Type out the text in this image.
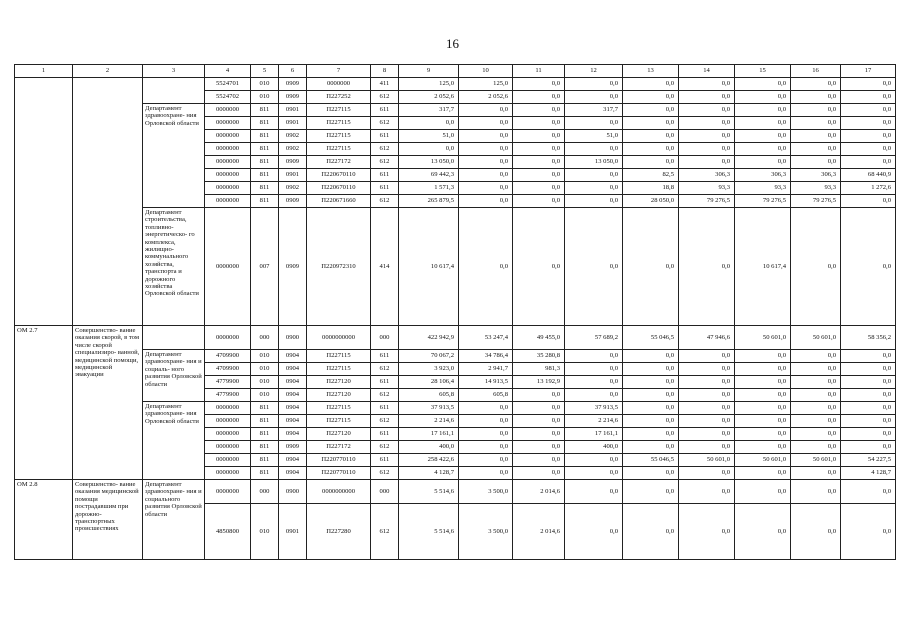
16
1	2	3	4	5	6	7	8	9	10	11	12	13	14	15	16	17
			5524701	010	0909	0000000	411	125,0	125,0	0,0	0,0	0,0	0,0	0,0	0,0	0,0
			5524702	010	0909	П227252	612	2 052,6	2 052,6	0,0	0,0	0,0	0,0	0,0	0,0	0,0
		Департамент здравоохране- ния Орловской области	0000000	811	0901	П227115	611	317,7	0,0	0,0	317,7	0,0	0,0	0,0	0,0	0,0
			0000000	811	0901	П227115	612	0,0	0,0	0,0	0,0	0,0	0,0	0,0	0,0	0,0
			0000000	811	0902	П227115	611	51,0	0,0	0,0	51,0	0,0	0,0	0,0	0,0	0,0
			0000000	811	0902	П227115	612	0,0	0,0	0,0	0,0	0,0	0,0	0,0	0,0	0,0
			0000000	811	0909	П227172	612	13 050,0	0,0	0,0	13 050,0	0,0	0,0	0,0	0,0	0,0
			0000000	811	0901	П220670110	611	69 442,3	0,0	0,0	0,0	82,5	306,3	306,3	306,3	68 440,9
			0000000	811	0902	П220670110	611	1 571,3	0,0	0,0	0,0	18,8	93,3	93,3	93,3	1 272,6
			0000000	811	0909	П220671660	612	265 879,5	0,0	0,0	0,0	28 050,0	79 276,5	79 276,5	79 276,5	0,0
		Департамент строительства, топливно- энергетическо- го комплекса, жилищно- коммунального хозяйства, транспорта и дорожного хозяйства Орловской области	0000000	007	0909	П220972310	414	10 617,4	0,0	0,0	0,0	0,0	0,0	10 617,4	0,0	0,0
ОМ 2.7	Совершенство- вание оказания скорой, в том числе скорой специализиро- ванной, медицинской помощи, медицинской эвакуации		0000000	000	0900	0000000000	000	422 942,9	53 247,4	49 455,0	57 689,2	55 046,5	47 946,6	50 601,0	50 601,0	58 356,2
		Департамент здравоохране- ния и социаль- ного развития Орловской области	4709900	010	0904	П227115	611	70 067,2	34 786,4	35 280,8	0,0	0,0	0,0	0,0	0,0	0,0
			4709900	010	0904	П227115	612	3 923,0	2 941,7	981,3	0,0	0,0	0,0	0,0	0,0	0,0
			4779900	010	0904	П227120	611	28 106,4	14 913,5	13 192,9	0,0	0,0	0,0	0,0	0,0	0,0
			4779900	010	0904	П227120	612	605,8	605,8	0,0	0,0	0,0	0,0	0,0	0,0	0,0
		Департамент здравоохране- ния Орловской области	0000000	811	0904	П227115	611	37 913,5	0,0	0,0	37 913,5	0,0	0,0	0,0	0,0	0,0
			0000000	811	0904	П227115	612	2 214,6	0,0	0,0	2 214,6	0,0	0,0	0,0	0,0	0,0
			0000000	811	0904	П227120	611	17 161,1	0,0	0,0	17 161,1	0,0	0,0	0,0	0,0	0,0
			0000000	811	0909	П227172	612	400,0	0,0	0,0	400,0	0,0	0,0	0,0	0,0	0,0
			0000000	811	0904	П220770110	611	258 422,6	0,0	0,0	0,0	55 046,5	50 601,0	50 601,0	50 601,0	54 227,5
			0000000	811	0904	П220770110	612	4 128,7	0,0	0,0	0,0	0,0	0,0	0,0	0,0	4 128,7
ОМ 2.8	Совершенство- вание оказания медицинской помощи пострадавшим при дорожно- транспортных происшествиях	Департамент здравоохране- ния и социального развития Орловской области	0000000	000	0900	0000000000	000	5 514,6	3 500,0	2 014,6	0,0	0,0	0,0	0,0	0,0	0,0
			4850800	010	0901	П227280	612	5 514,6	3 500,0	2 014,6	0,0	0,0	0,0	0,0	0,0	0,0
